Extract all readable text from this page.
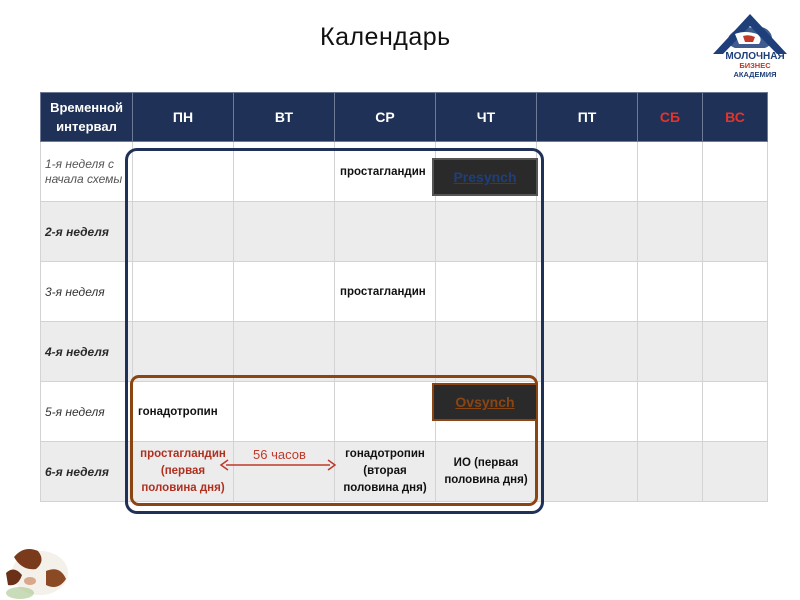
Календарь
МОЛОЧНАЯ
БИЗНЕС
АКАДЕМИЯ
Временной интервал	ПН	ВТ	СР	ЧТ	ПТ	СБ	ВС
1-я неделя с начала схемы			простагландин				
2-я неделя							
3-я неделя			простагландин				
4-я неделя							
5-я неделя	гонадотропин						
6-я неделя	простагландин (первая половина дня)		гонадотропин (вторая половина дня)	ИО (первая половина дня)			
Presynch
Ovsynch
56 часов
